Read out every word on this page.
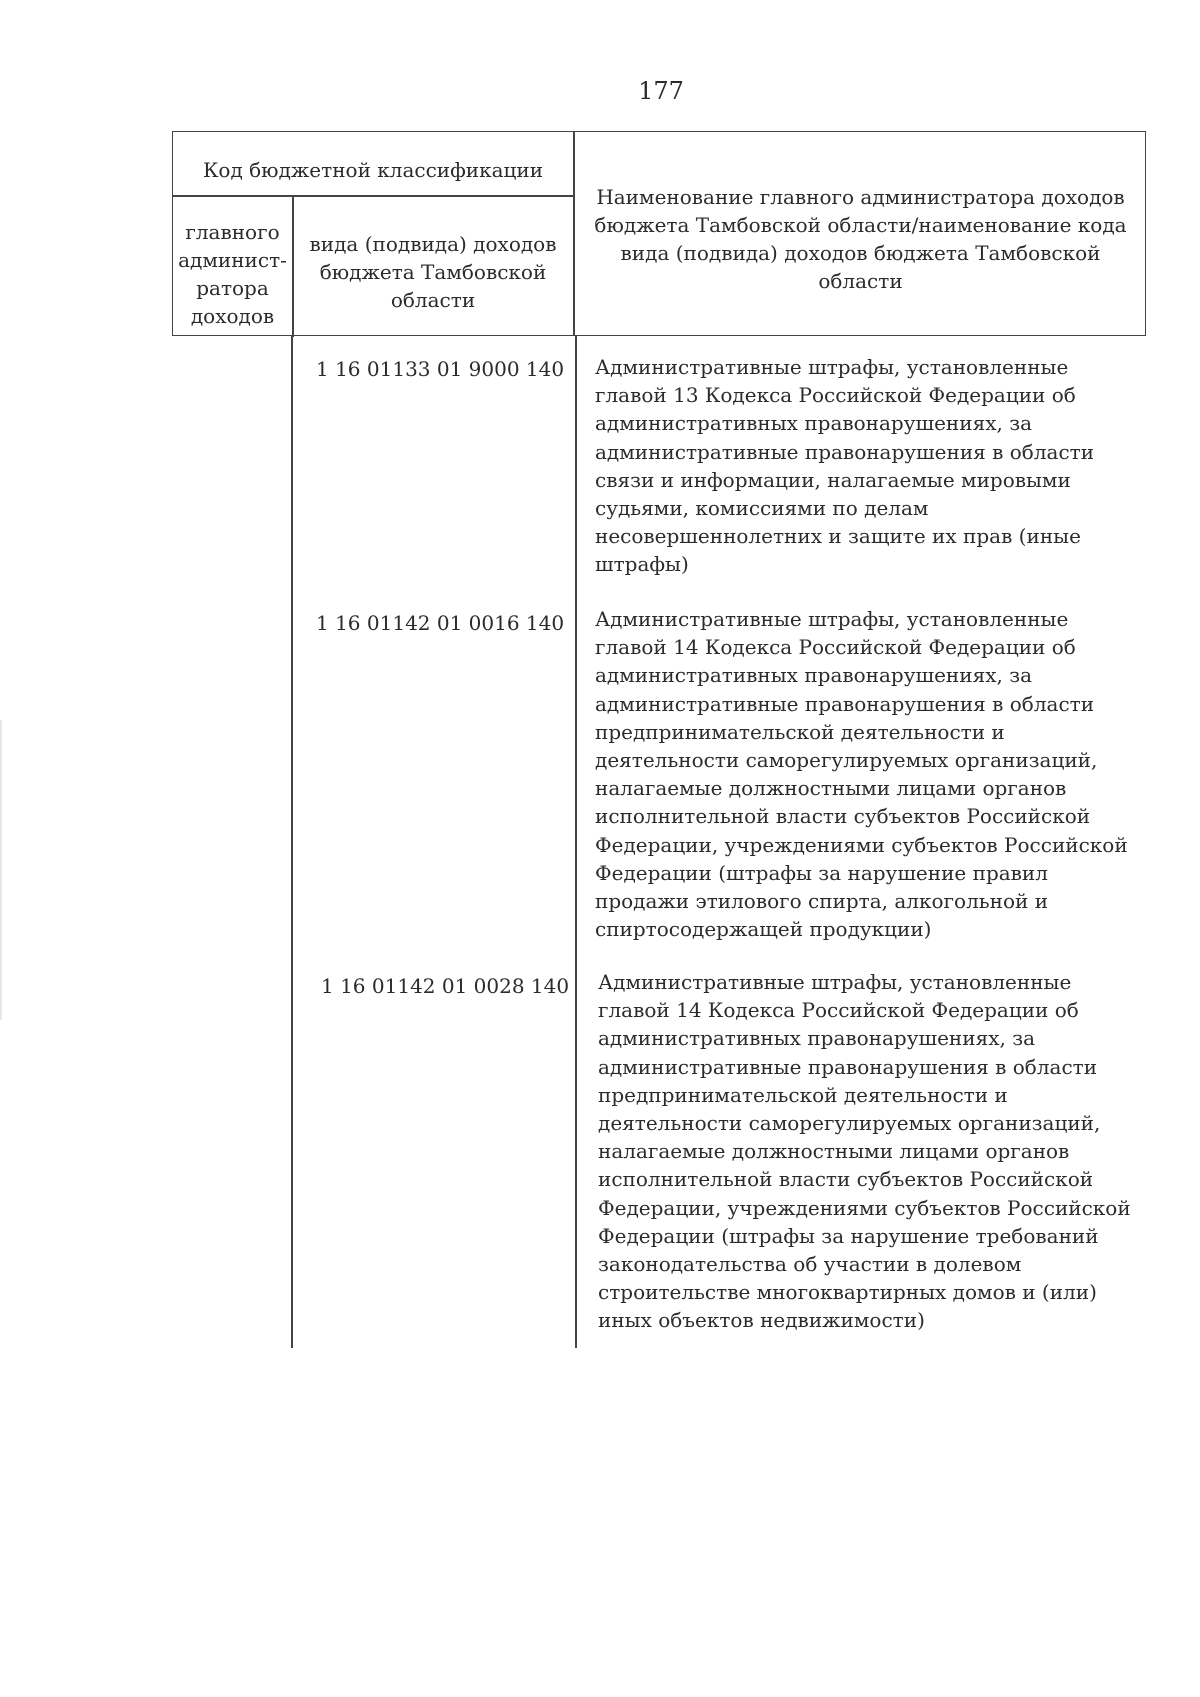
177
Код бюджетной классификации
главного
админист-
ратора
доходов
вида (подвида) доходов
бюджета Тамбовской
области
Наименование главного администратора доходов
бюджета Тамбовской области/наименование кода
вида (подвида) доходов бюджета Тамбовской
области
1 16 01133 01 9000 140 Административные штрафы, установленные
главой 13 Кодекса Российской Федерации об
административных правонарушениях, за
административные правонарушения в области
связи и информации, налагаемые мировыми
судьями, комиссиями по делам
несовершеннолетних и защите их прав (иные
штрафы)
1 16 01142 01 0016 140 Административные штрафы, установленные
главой 14 Кодекса Российской Федерации об
административных правонарушениях, за
административные правонарушения в области
предпринимательской деятельности и
деятельности саморегулируемых организаций,
налагаемые должностными лицами органов
исполнительной власти субъектов Российской
Федерации, учреждениями субъектов Российской
Федерации (штрафы за нарушение правил
продажи этилового спирта, алкогольной и
спиртосодержащей продукции)
1 16 01142 01 0028 140 Административные штрафы, установленные
главой 14 Кодекса Российской Федерации об
административных правонарушениях, за
административные правонарушения в области
предпринимательской деятельности и
деятельности саморегулируемых организаций,
налагаемые должностными лицами органов
исполнительной власти субъектов Российской
Федерации, учреждениями субъектов Российской
Федерации (штрафы за нарушение требований
законодательства об участии в долевом
строительстве многоквартирных домов и (или)
иных объектов недвижимости)
